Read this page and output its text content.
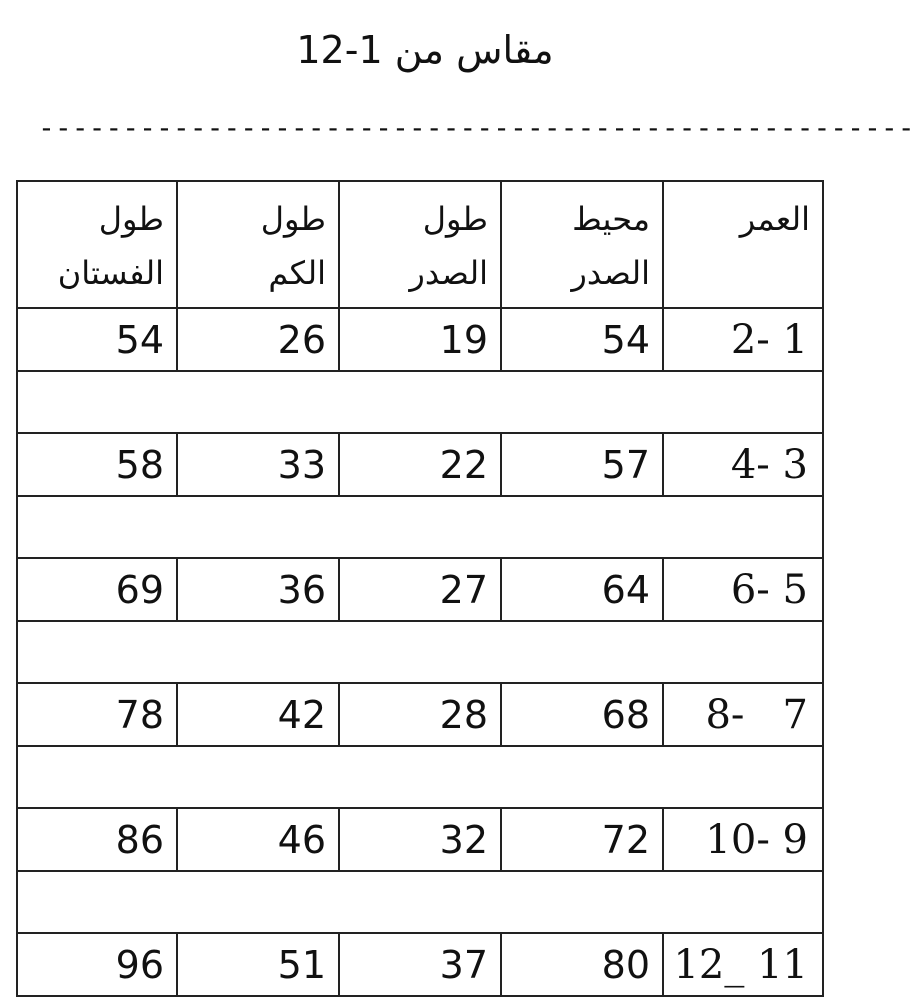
مقاس من 1-12
----------------------------------------------------
العمر
محيط
الصدر
طول
الصدر
طول
الكم
طول
الفستان
2- 1
54
19
26
54
4- 3
57
22
33
58
6- 5
64
27
36
69
8-   7
68
28
42
78
10- 9
72
32
46
86
12_ 11
80
37
51
96
